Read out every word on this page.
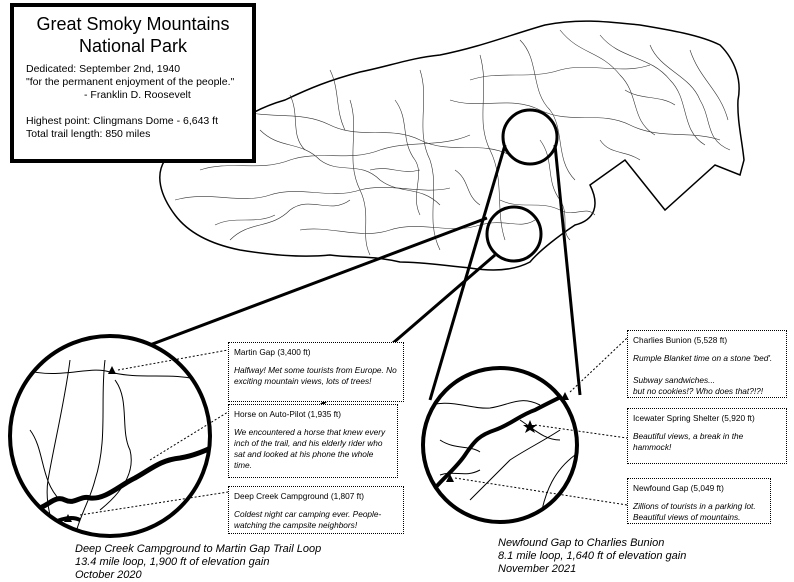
Great Smoky Mountains
National Park
Dedicated: September 2nd, 1940
"for the permanent enjoyment of the people."
- Franklin D. Roosevelt
Highest point: Clingmans Dome - 6,643 ft
Total trail length: 850 miles
Martin Gap (3,400 ft)
Halfway! Met some tourists from Europe. No exciting mountain views, lots of trees!
Horse on Auto-Pilot (1,935 ft)
We encountered a horse that knew every inch of the trail, and his elderly rider who sat and looked at his phone the whole time.
Deep Creek Campground (1,807 ft)
Coldest night car camping ever. People-watching the campsite neighbors!
Charlies Bunion (5,528 ft)
Rumple Blanket time on a stone 'bed'.
Subway sandwiches...
but no cookies!? Who does that?!?!
Icewater Spring Shelter (5,920 ft)
Beautiful views, a break in the hammock!
Newfound Gap (5,049 ft)
Zillions of tourists in a parking lot. Beautiful views of mountains.
Deep Creek Campground to Martin Gap Trail Loop
13.4 mile loop, 1,900 ft of elevation gain
October 2020
Newfound Gap to Charlies Bunion
8.1 mile loop, 1,640 ft of elevation gain
November 2021
